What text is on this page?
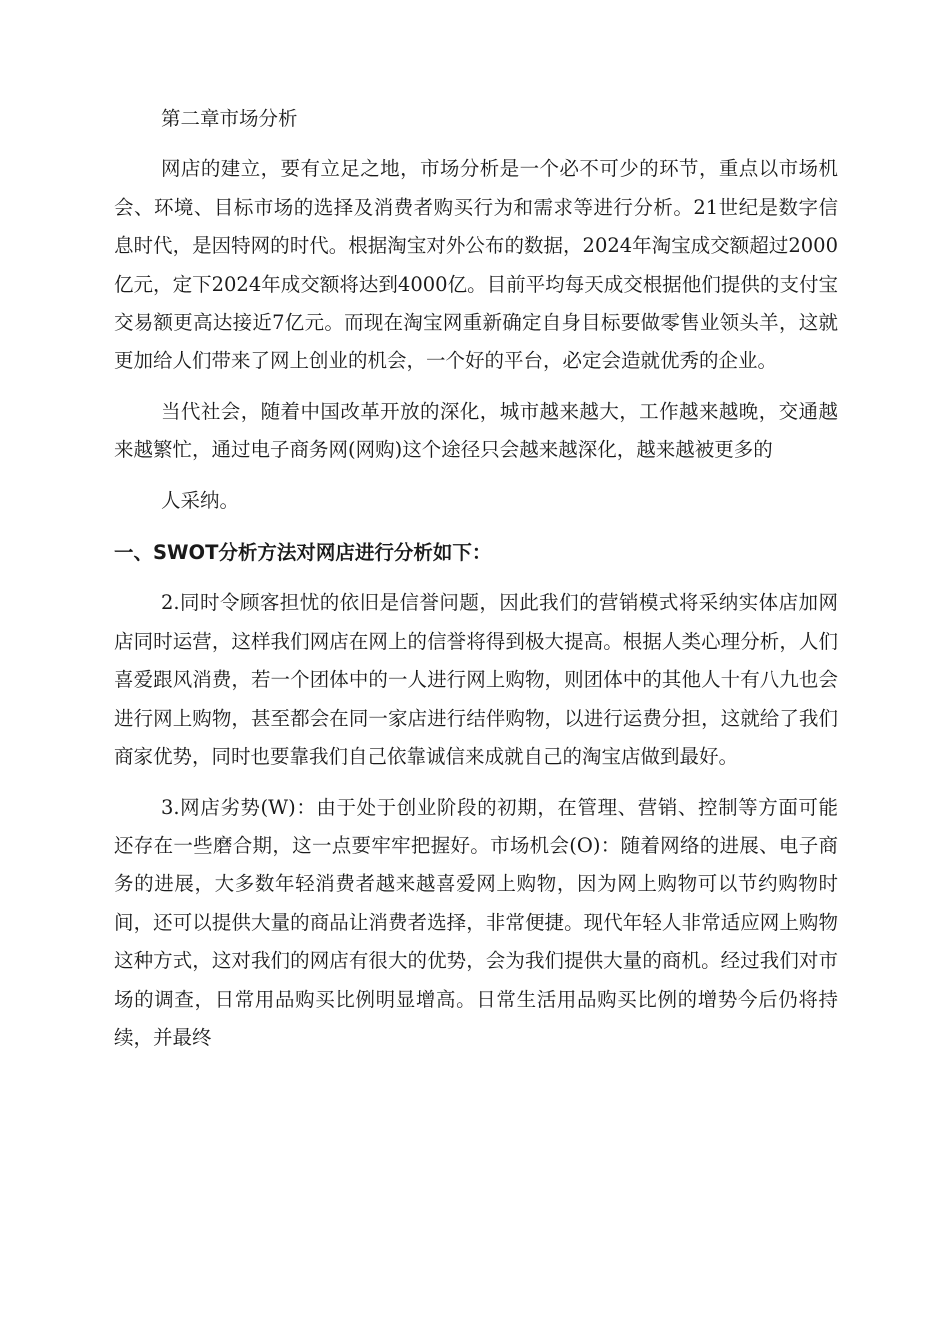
第二章市场分析

网店的建立，要有立足之地，市场分析是一个必不可少的环节，重点以市场机会、环境、目标市场的选择及消费者购买行为和需求等进行分析。21世纪是数字信息时代，是因特网的时代。根据淘宝对外公布的数据，2024年淘宝成交额超过2000亿元，定下2024年成交额将达到4000亿。目前平均每天成交根据他们提供的支付宝交易额更高达接近7亿元。而现在淘宝网重新确定自身目标要做零售业领头羊，这就更加给人们带来了网上创业的机会，一个好的平台，必定会造就优秀的企业。

当代社会，随着中国改革开放的深化，城市越来越大，工作越来越晚，交通越来越繁忙，通过电子商务网(网购)这个途径只会越来越深化，越来越被更多的

人采纳。

一、SWOT分析方法对网店进行分析如下：

2.同时令顾客担忧的依旧是信誉问题，因此我们的营销模式将采纳实体店加网店同时运营，这样我们网店在网上的信誉将得到极大提高。根据人类心理分析，人们喜爱跟风消费，若一个团体中的一人进行网上购物，则团体中的其他人十有八九也会进行网上购物，甚至都会在同一家店进行结伴购物，以进行运费分担，这就给了我们商家优势，同时也要靠我们自己依靠诚信来成就自己的淘宝店做到最好。

3.网店劣势(W)：由于处于创业阶段的初期，在管理、营销、控制等方面可能还存在一些磨合期，这一点要牢牢把握好。市场机会(O)：随着网络的进展、电子商务的进展，大多数年轻消费者越来越喜爱网上购物，因为网上购物可以节约购物时间，还可以提供大量的商品让消费者选择，非常便捷。现代年轻人非常适应网上购物这种方式，这对我们的网店有很大的优势，会为我们提供大量的商机。经过我们对市场的调查，日常用品购买比例明显增高。日常生活用品购买比例的增势今后仍将持续，并最终
